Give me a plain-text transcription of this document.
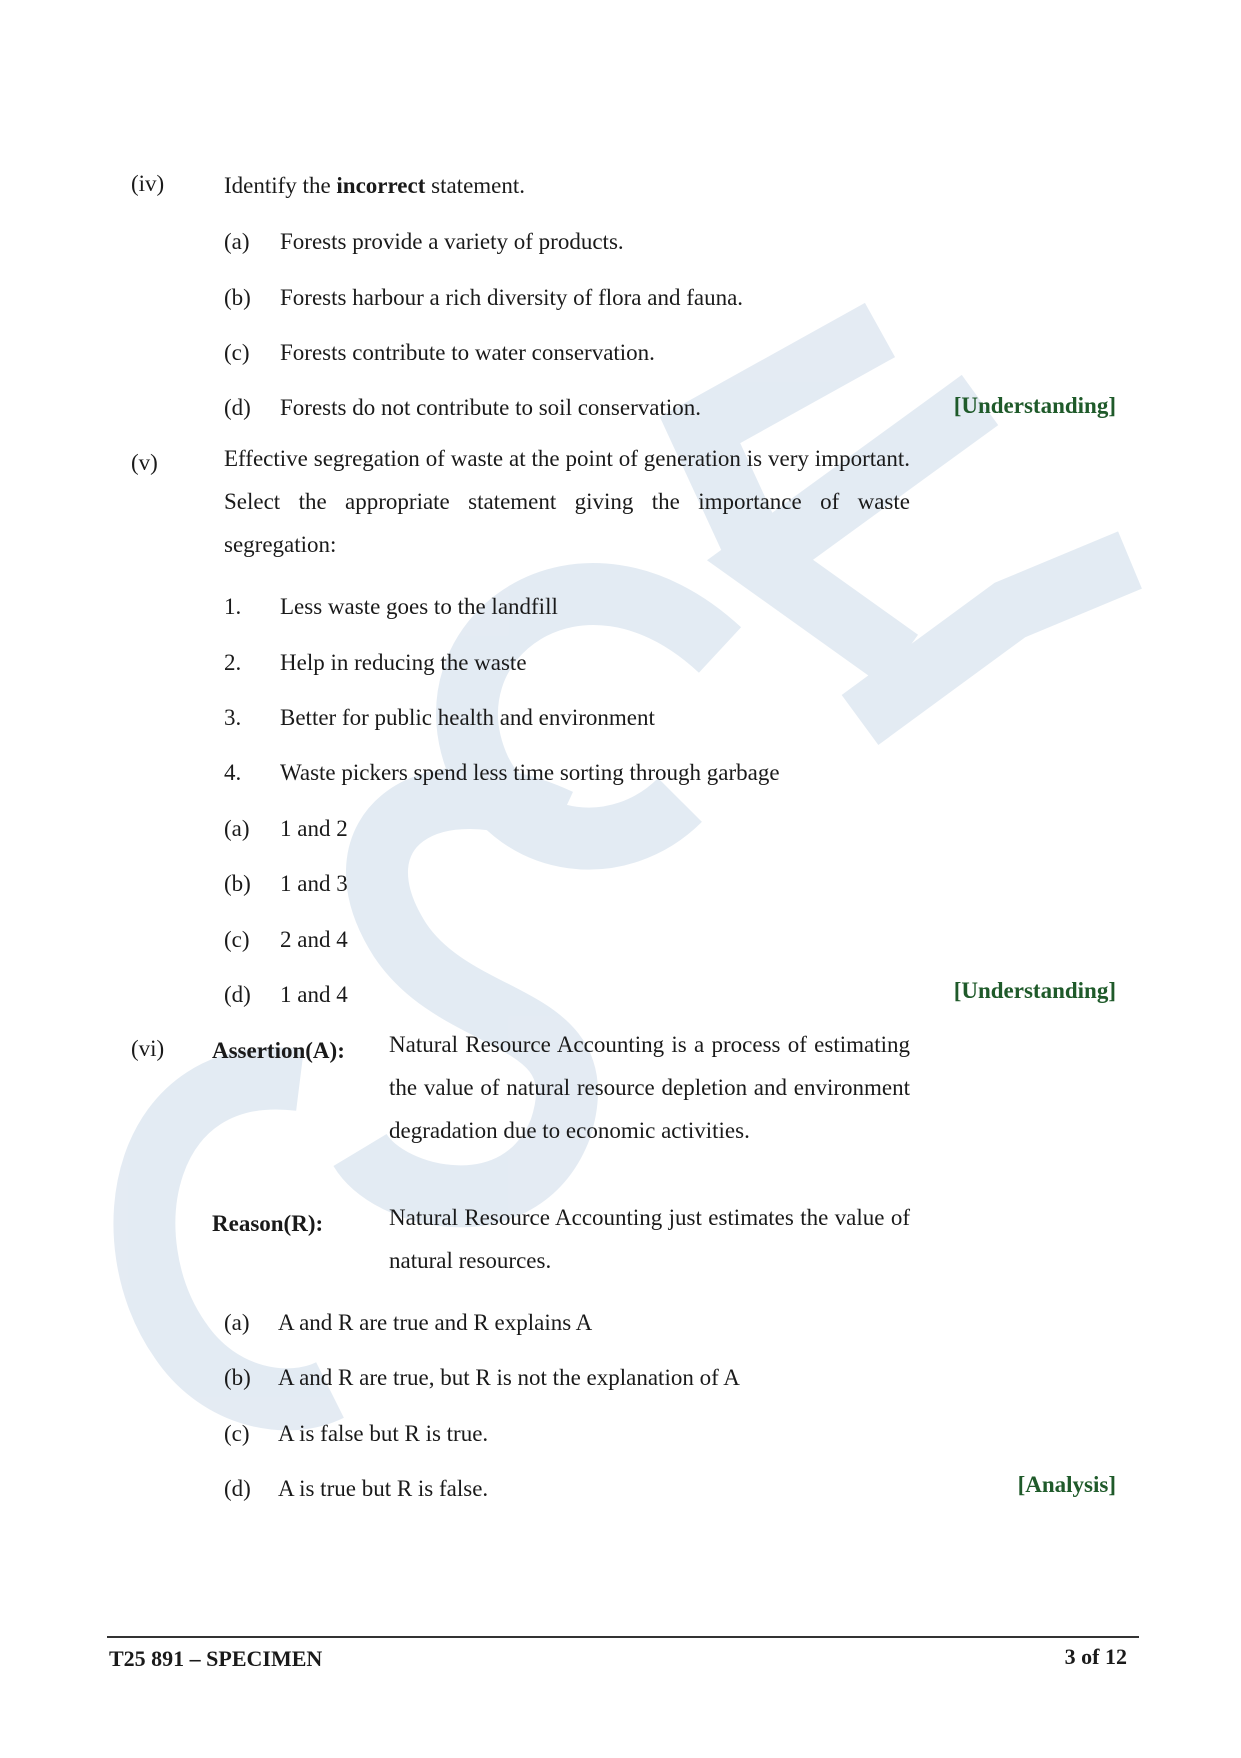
(iv)	Identify the incorrect statement.
(a) Forests provide a variety of products.
(b) Forests harbour a rich diversity of flora and fauna.
(c) Forests contribute to water conservation.
(d) Forests do not contribute to soil conservation.	[Understanding]
(v)	Effective segregation of waste at the point of generation is very important. Select the appropriate statement giving the importance of waste segregation:
1. Less waste goes to the landfill
2. Help in reducing the waste
3. Better for public health and environment
4. Waste pickers spend less time sorting through garbage
(a) 1 and 2
(b) 1 and 3
(c) 2 and 4
(d) 1 and 4	[Understanding]
(vi) Assertion(A): Natural Resource Accounting is a process of estimating the value of natural resource depletion and environment degradation due to economic activities.
Reason(R):	Natural Resource Accounting just estimates the value of natural resources.
(a) A and R are true and R explains A
(b) A and R are true, but R is not the explanation of A
(c) A is false but R is true.
(d) A is true but R is false.	[Analysis]
T25 891 – SPECIMEN	3 of 12
